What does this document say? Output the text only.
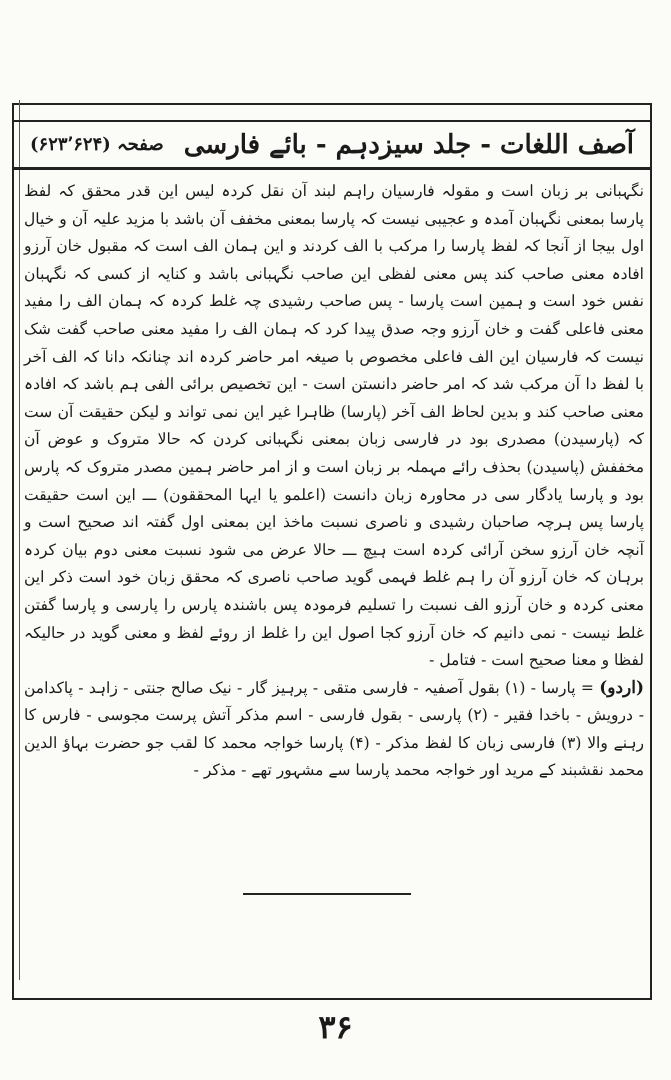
آصف اللغات - جلد سیزدہم - بائے فارسی
صفحہ (۶۲۳٬۶۲۴)

نگہبانی بر زبان است و مقولہ فارسیان راہم لبند آن نقل کردہ لیس این قدر محقق کہ لفظ پارسا بمعنی نگہبان آمدہ و عجیبی نیست کہ پارسا بمعنی مخفف آن باشد با مزید علیہ آن و خیال اول بیجا از آنجا کہ لفظ پارسا را مرکب با الف کردند و این ہمان الف است کہ مقبول خان آرزو افادہ معنی صاحب کند پس معنی لفظی این صاحب نگہبانی باشد و کنایہ از کسی کہ نگہبان نفس خود است و ہمین است پارسا - پس صاحب رشیدی چہ غلط کردہ کہ ہمان الف را مفید معنی فاعلی گفت و خان آرزو وجہ صدق پیدا کرد کہ ہمان الف را مفید معنی صاحب گفت شک نیست کہ فارسیان این الف فاعلی مخصوص با صیغہ امر حاضر کردہ اند چنانکہ دانا کہ الف آخر با لفظ دا آن مرکب شد کہ امر حاضر دانستن است - این تخصیص برائی الفی ہم باشد کہ افادہ معنی صاحب کند و بدین لحاظ الف آخر (پارسا) ظاہرا غیر این نمی تواند و لیکن حقیقت آن ست کہ (پارسیدن) مصدری بود در فارسی زبان بمعنی نگہبانی کردن کہ حالا متروک و عوض آن مخففش (پاسیدن) بحذف رائے مہملہ بر زبان است و از امر حاضر ہمین مصدر متروک کہ پارس بود و پارسا یادگار سی در محاورہ زبان دانست (اعلمو یا ایہا المحققون) ـــ این است حقیقت پارسا پس ہرچہ صاحبان رشیدی و ناصری نسبت ماخذ این بمعنی اول گفتہ اند صحیح است و آنچہ خان آرزو سخن آرائی کردہ است ہیچ ـــ حالا عرض می شود نسبت معنی دوم بیان کردہ برہان کہ خان آرزو آن را ہم غلط فہمی گوید صاحب ناصری کہ محقق زبان خود است ذکر این معنی کردہ و خان آرزو الف نسبت را تسلیم فرمودہ پس باشندہ پارس را پارسی و پارسا گفتن غلط نیست - نمی دانیم کہ خان آرزو کجا اصول این را غلط از روئے لفظ و معنی گوید در حالیکہ لفظا و معنا صحیح است - فتامل -

(اردو) = پارسا - (۱) بقول آصفیہ - فارسی متقی - پرہیز گار - نیک صالح جنتی - زاہد - پاکدامن - درویش - باخدا فقیر - (۲) پارسی - بقول فارسی - اسم مذکر آتش پرست مجوسی - فارس کا رہنے والا (۳) فارسی زبان کا لفظ مذکر - (۴) پارسا خواجہ محمد کا لقب جو حضرت بہاؤ الدین محمد نقشبند کے مرید اور خواجہ محمد پارسا سے مشہور تھے - مذکر -

۳۶
